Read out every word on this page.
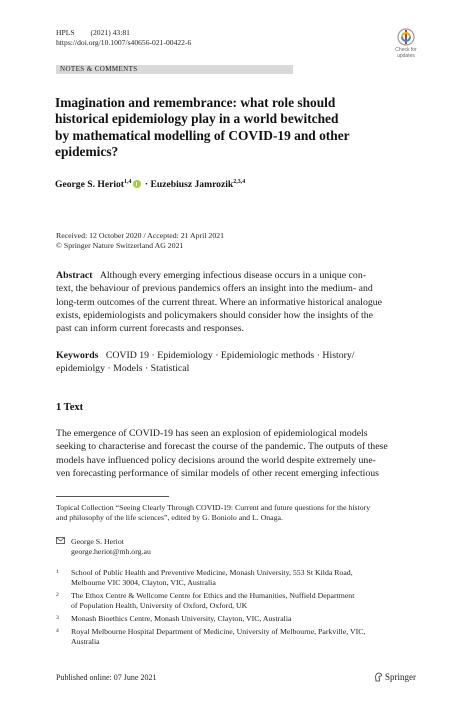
HPLS (2021) 43:81
https://doi.org/10.1007/s40656-021-00422-6
Check for
updates
NOTES & COMMENTS
Imagination and remembrance: what role should
historical epidemiology play in a world bewitched
by mathematical modelling of COVID-19 and other
epidemics?
George S. Heriot$^{1,4}$ · Euzebiusz Jamrozik$^{2,3,4}$
Received: 12 October 2020 / Accepted: 21 April 2021
© Springer Nature Switzerland AG 2021
Abstract Although every emerging infectious disease occurs in a unique con-
text, the behaviour of previous pandemics offers an insight into the medium- and
long-term outcomes of the current threat. Where an informative historical analogue
exists, epidemiologists and policymakers should consider how the insights of the
past can inform current forecasts and responses.
Keywords COVID 19 · Epidemiology · Epidemiologic methods · History/
epidemiolgy · Models · Statistical
1 Text
The emergence of COVID-19 has seen an explosion of epidemiological models
seeking to characterise and forecast the course of the pandemic. The outputs of these
models have influenced policy decisions around the world despite extremely une-
ven forecasting performance of similar models of other recent emerging infectious
Topical Collection “Seeing Clearly Through COVID-19: Current and future questions for the history
and philosophy of the life sciences”, edited by G. Boniolo and L. Onaga.
George S. Heriot
george.heriot@mh.org.au
1	School of Public Health and Preventive Medicine, Monash University, 553 St Kilda Road,
Melbourne VIC 3004, Clayton, VIC, Australia
2	The Ethox Centre & Wellcome Centre for Ethics and the Humanities, Nuffield Department
of Population Health, University of Oxford, Oxford, UK
3	Monash Bioethics Centre, Monash University, Clayton, VIC, Australia
4	Royal Melbourne Hospital Department of Medicine, University of Melbourne, Parkville, VIC,
Australia
Published online: 07 June 2021	Springer
